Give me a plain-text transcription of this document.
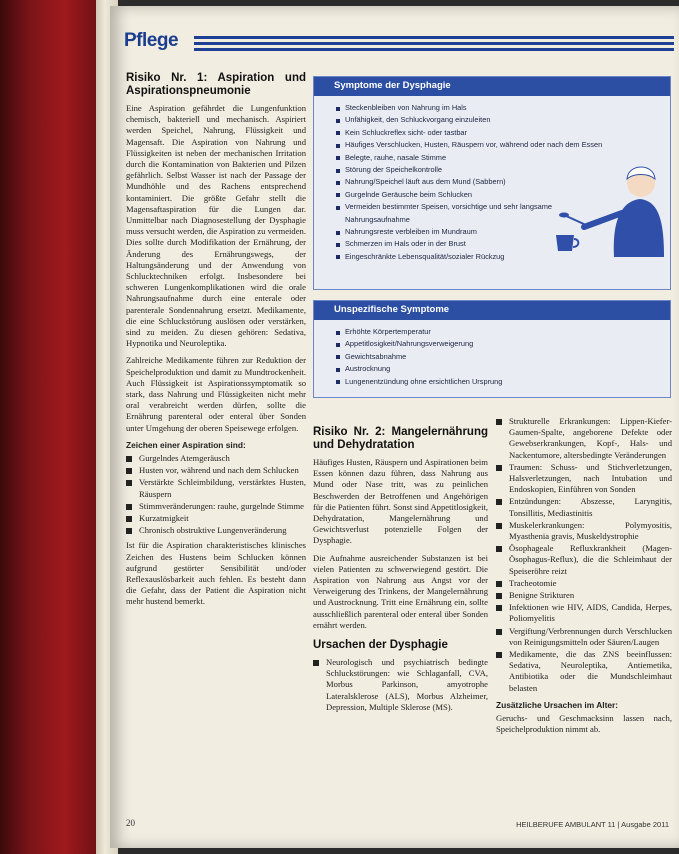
Pflege
Risiko Nr. 1: Aspiration und Aspirationspneumonie

Eine Aspiration gefährdet die Lungenfunktion chemisch, bakteriell und mechanisch. Aspiriert werden Speichel, Nahrung, Flüssigkeit und Magensaft. Die Aspiration von Nahrung und Flüssigkeiten ist neben der mechanischen Irritation durch die Kontamination von Bakterien und Pilzen gefährlich. Selbst Wasser ist nach der Passage der Mundhöhle und des Rachens entsprechend kontaminiert. Die größte Gefahr stellt die Magensaftaspiration für die Lungen dar. Unmittelbar nach Diagnosestellung der Dysphagie muss versucht werden, die Aspiration zu vermeiden. Dies sollte durch Modifikation der Ernährung, der Änderung des Ernährungswegs, der Haltungsänderung und der Anwendung von Schlucktechniken erfolgt. Insbesondere bei schweren Lungenkomplikationen wird die orale Nahrungsaufnahme durch eine enterale oder parenterale Sondennahrung ersetzt. Medikamente, die eine Schluckstörung auslösen oder verstärken, sind zu meiden. Zu diesen gehören: Sedativa, Hypnotika und Neuroleptika.

Zahlreiche Medikamente führen zur Reduktion der Speichelproduktion und damit zu Mundtrockenheit. Auch Flüssigkeit ist Aspirationssymptomatik so stark, dass Nahrung und Flüssigkeiten nicht mehr oral verabreicht werden dürfen, sollte die Ernährung parenteral oder enteral über Sonden unter Umgehung der oberen Speisewege erfolgen.

Zeichen einer Aspiration sind:
Gurgelndes Atemgeräusch
Husten vor, während und nach dem Schlucken
Verstärkte Schleimbildung, verstärktes Husten, Räuspern
Stimmveränderungen: rauhe, gurgelnde Stimme
Kurzatmigkeit
Chronisch obstruktive Lungenveränderung

Ist für die Aspiration charakteristisches klinisches Zeichen des Hustens beim Schlucken können aufgrund gestörter Sensibilität und/oder Reflexauslösbarkeit auch fehlen. Es besteht dann die Gefahr, dass der Patient die Aspiration nicht mehr hustend bemerkt.

Symptome der Dysphagie
Steckenbleiben von Nahrung im Hals
Unfähigkeit, den Schluckvorgang einzuleiten
Kein Schluckreflex sicht- oder tastbar
Häufiges Verschlucken, Husten, Räuspern vor, während oder nach dem Essen
Belegte, rauhe, nasale Stimme
Störung der Speichelkontrolle
Nahrung/Speichel läuft aus dem Mund (Sabbern)
Gurgelnde Geräusche beim Schlucken
Vermeiden bestimmter Speisen, vorsichtige und sehr langsame Nahrungsaufnahme
Nahrungsreste verbleiben im Mundraum
Schmerzen im Hals oder in der Brust
Eingeschränkte Lebensqualität/sozialer Rückzug
Unspezifische Symptome
Erhöhte Körpertemperatur
Appetitlosigkeit/Nahrungsverweigerung
Gewichtsabnahme
Austrocknung
Lungenentzündung ohne ersichtlichen Ursprung
Risiko Nr. 2: Mangelernährung und Dehydratation

Häufiges Husten, Räuspern und Aspirationen beim Essen können dazu führen, dass Nahrung aus Mund oder Nase tritt, was zu peinlichen Beschwerden der Betroffenen und Angehörigen für die Patienten führt. Sonst sind Appetitlosigkeit, Dehydratation, Mangelernährung und Gewichtsverlust potenzielle Folgen der Dysphagie.

Die Aufnahme ausreichender Substanzen ist bei vielen Patienten zu schwerwiegend gestört. Die Aspiration von Nahrung aus Angst vor der Verweigerung des Trinkens, der Mangelernährung und Austrocknung. Tritt eine Ernährung ein, sollte ausschließlich parenteral oder enteral über Sonden ernährt werden.

Ursachen der Dysphagie
Neurologisch und psychiatrisch bedingte Schluckstörungen: wie Schlaganfall, CVA, Morbus Parkinson, amyotrophe Lateralsklerose (ALS), Morbus Alzheimer, Depression, Multiple Sklerose (MS).
Strukturelle Erkrankungen: Lippen-Kiefer-Gaumen-Spalte, angeborene Defekte oder Gewebserkrankungen, Kopf-, Hals- und Nackentumore, altersbedingte Veränderungen
Traumen: Schuss- und Stichverletzungen, Halsverletzungen, nach Intubation und Endoskopien, Einführen von Sonden
Entzündungen: Abszesse, Laryngitis, Tonsillitis, Mediastinitis
Muskelerkrankungen: Polymyositis, Myasthenia gravis, Muskeldystrophie
Ösophageale Refluxkrankheit (Magen-Ösophagus-Reflux), die die Schleimhaut der Speiseröhre reizt
Tracheotomie
Benigne Strikturen
Infektionen wie HIV, AIDS, Candida, Herpes, Poliomyelitis
Vergiftung/Verbrennungen durch Verschlucken von Reinigungsmitteln oder Säuren/Laugen
Medikamente, die das ZNS beeinflussen: Sedativa, Neuroleptika, Antiemetika, Antibiotika oder die Mundschleimhaut belasten
Zusätzliche Ursachen im Alter:

Geruchs- und Geschmacksinn lassen nach, Speichelproduktion nimmt ab.

20	HEILBERUFE AMBULANT 11 | Ausgabe 2011
